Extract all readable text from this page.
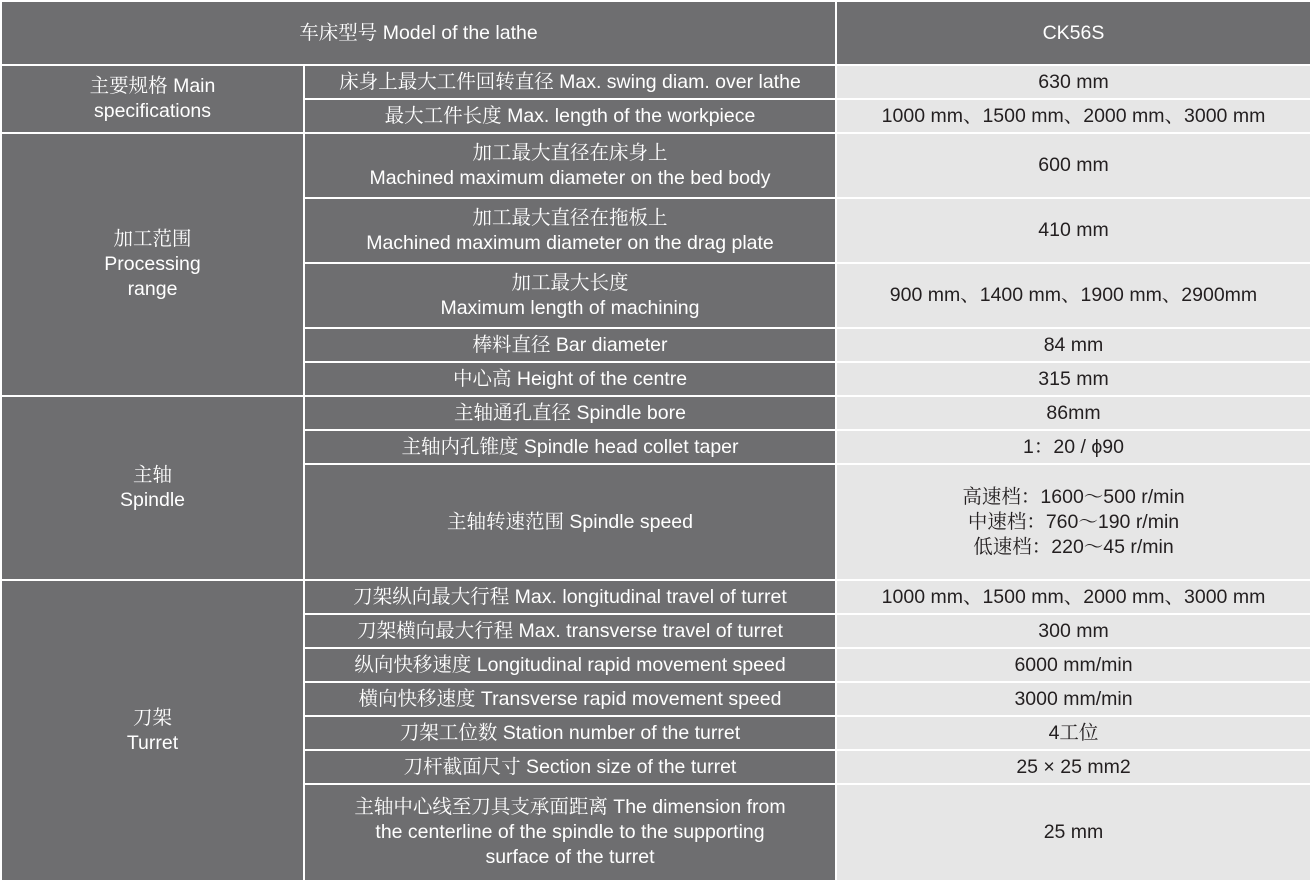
车床型号 Model of the lathe		CK56S

主要规格 Main
specifications	床身上最大工件回转直径 Max. swing diam. over lathe	630 mm

	最大工件长度 Max. length of the workpiece	1000 mm、1500 mm、2000 mm、3000 mm

加工范围
Processing
range	加工最大直径在床身上
Machined maximum diameter on the bed body	600 mm

	加工最大直径在拖板上
Machined maximum diameter on the drag plate	410 mm

	加工最大长度
Maximum length of machining	900 mm、1400 mm、1900 mm、2900mm

	棒料直径 Bar diameter	84 mm

	中心高 Height of the centre	315 mm

主轴
Spindle	主轴通孔直径 Spindle bore	86mm

	主轴内孔锥度 Spindle head collet taper	1：20 / ϕ90

	主轴转速范围 Spindle speed	高速档：1600～500 r/min
中速档：760～190 r/min
低速档：220～45 r/min

刀架
Turret	刀架纵向最大行程 Max. longitudinal travel of turret	1000 mm、1500 mm、2000 mm、3000 mm

	刀架横向最大行程 Max. transverse travel of turret	300 mm

	纵向快移速度 Longitudinal rapid movement speed	6000 mm/min

	横向快移速度 Transverse rapid movement speed	3000 mm/min

	刀架工位数 Station number of the turret	4工位

	刀杆截面尺寸 Section size of the turret	25 × 25 mm2

	主轴中心线至刀具支承面距离 The dimension from
the centerline of the spindle to the supporting
surface of the turret	25 mm
